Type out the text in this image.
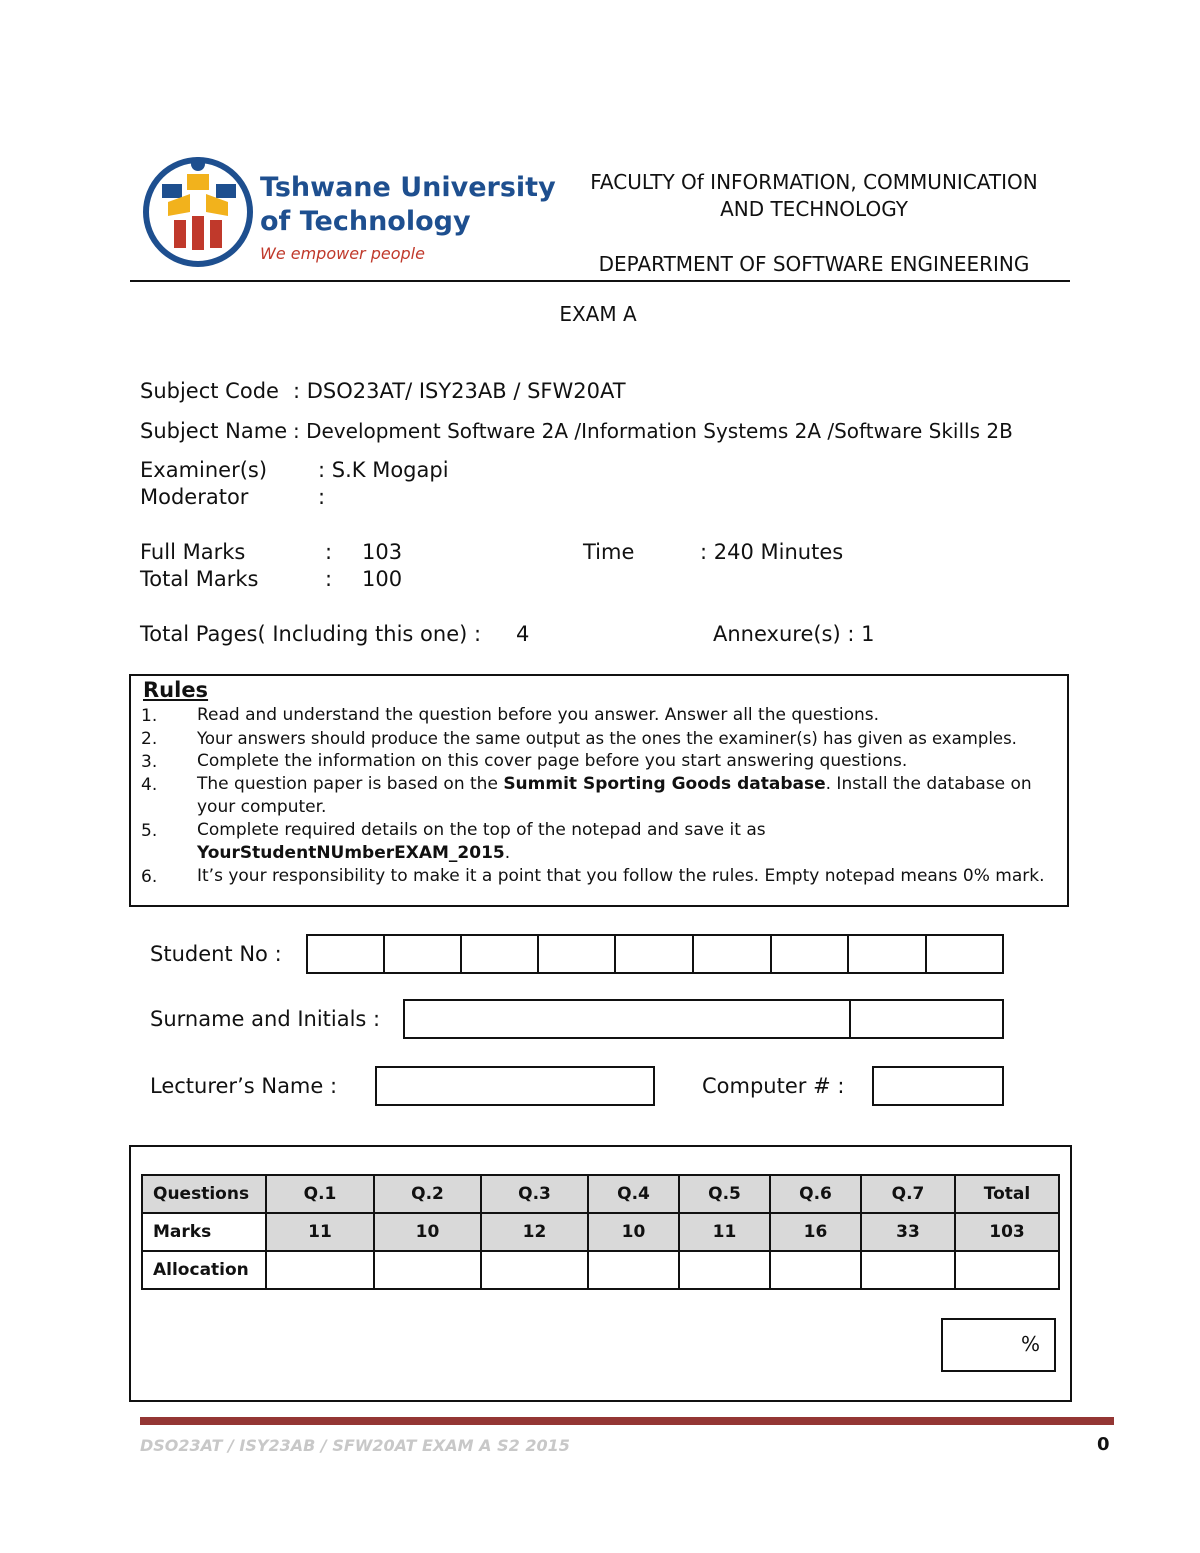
Tshwane University
of Technology
We empower people
FACULTY Of INFORMATION, COMMUNICATION
AND TECHNOLOGY
DEPARTMENT OF SOFTWARE ENGINEERING
EXAM A
Subject Code : DSO23AT/ ISY23AB / SFW20AT
Subject Name : Development Software 2A /Information Systems 2A /Software Skills 2B
Examiner(s) : S.K Mogapi
Moderator	:
Full Marks	: 103	Time	: 240 Minutes
Total Marks	: 100
Total Pages( Including this one) : 4	Annexure(s) : 1
Rules
1. Read and understand the question before you answer. Answer all the questions.
2. Your answers should produce the same output as the ones the examiner(s) has given as examples.
3. Complete the information on this cover page before you start answering questions.
4. The question paper is based on the Summit Sporting Goods database. Install the database on your computer.
5. Complete required details on the top of the notepad and save it as YourStudentNUmberEXAM_2015.
6. It’s your responsibility to make it a point that you follow the rules. Empty notepad means 0% mark.
Student No :
Surname and Initials :
Lecturer’s Name :	Computer # :
Questions	Q.1	Q.2	Q.3	Q.4	Q.5	Q.6	Q.7	Total
Marks	11	10	12	10	11	16	33	103
Allocation								
%
DSO23AT / ISY23AB / SFW20AT EXAM A S2 2015	0
